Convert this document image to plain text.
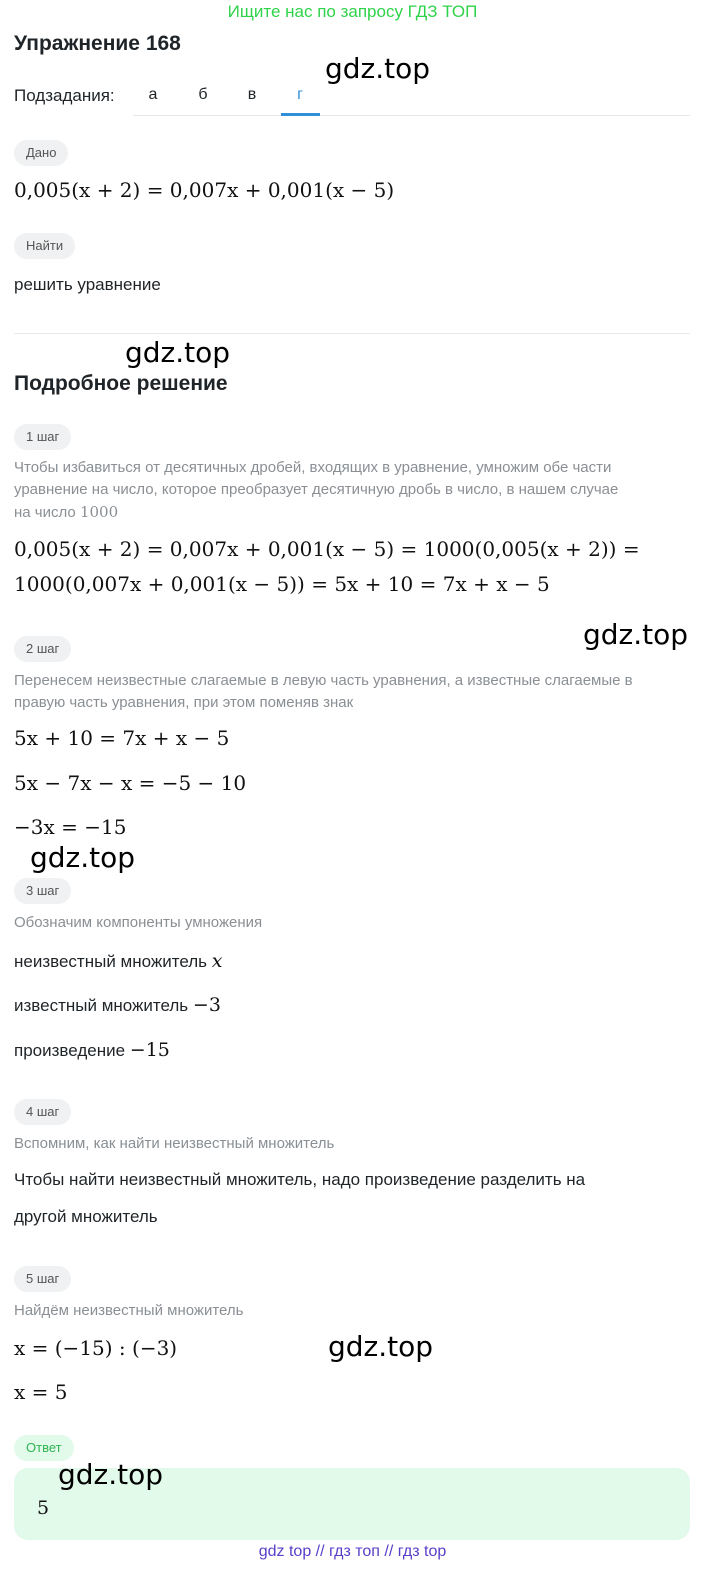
Ищите нас по запросу ГДЗ ТОП
Упражнение 168
gdz.top
Подзадания:	а	б	в	г
Дано
0,005(x + 2) = 0,007x + 0,001(x − 5)
Найти
решить уравнение
gdz.top
Подробное решение
1 шаг
Чтобы избавиться от десятичных дробей, входящих в уравнение, умножим обе части
уравнение на число, которое преобразует десятичную дробь в число, в нашем случае
на число 1000
0,005(x + 2) = 0,007x + 0,001(x − 5) = 1000(0,005(x + 2)) =
1000(0,007x + 0,001(x − 5)) = 5x + 10 = 7x + x − 5
gdz.top
2 шаг
Перенесем неизвестные слагаемые в левую часть уравнения, а известные слагаемые в
правую часть уравнения, при этом поменяв знак
5x + 10 = 7x + x − 5
5x − 7x − x = −5 − 10
−3x = −15
gdz.top
3 шаг
Обозначим компоненты умножения
неизвестный множитель x
известный множитель −3
произведение −15
4 шаг
Вспомним, как найти неизвестный множитель
Чтобы найти неизвестный множитель, надо произведение разделить на
другой множитель
5 шаг
Найдём неизвестный множитель
x = (−15) : (−3)
x = 5
gdz.top
Ответ
gdz.top
5
gdz top // гдз топ // гдз top
